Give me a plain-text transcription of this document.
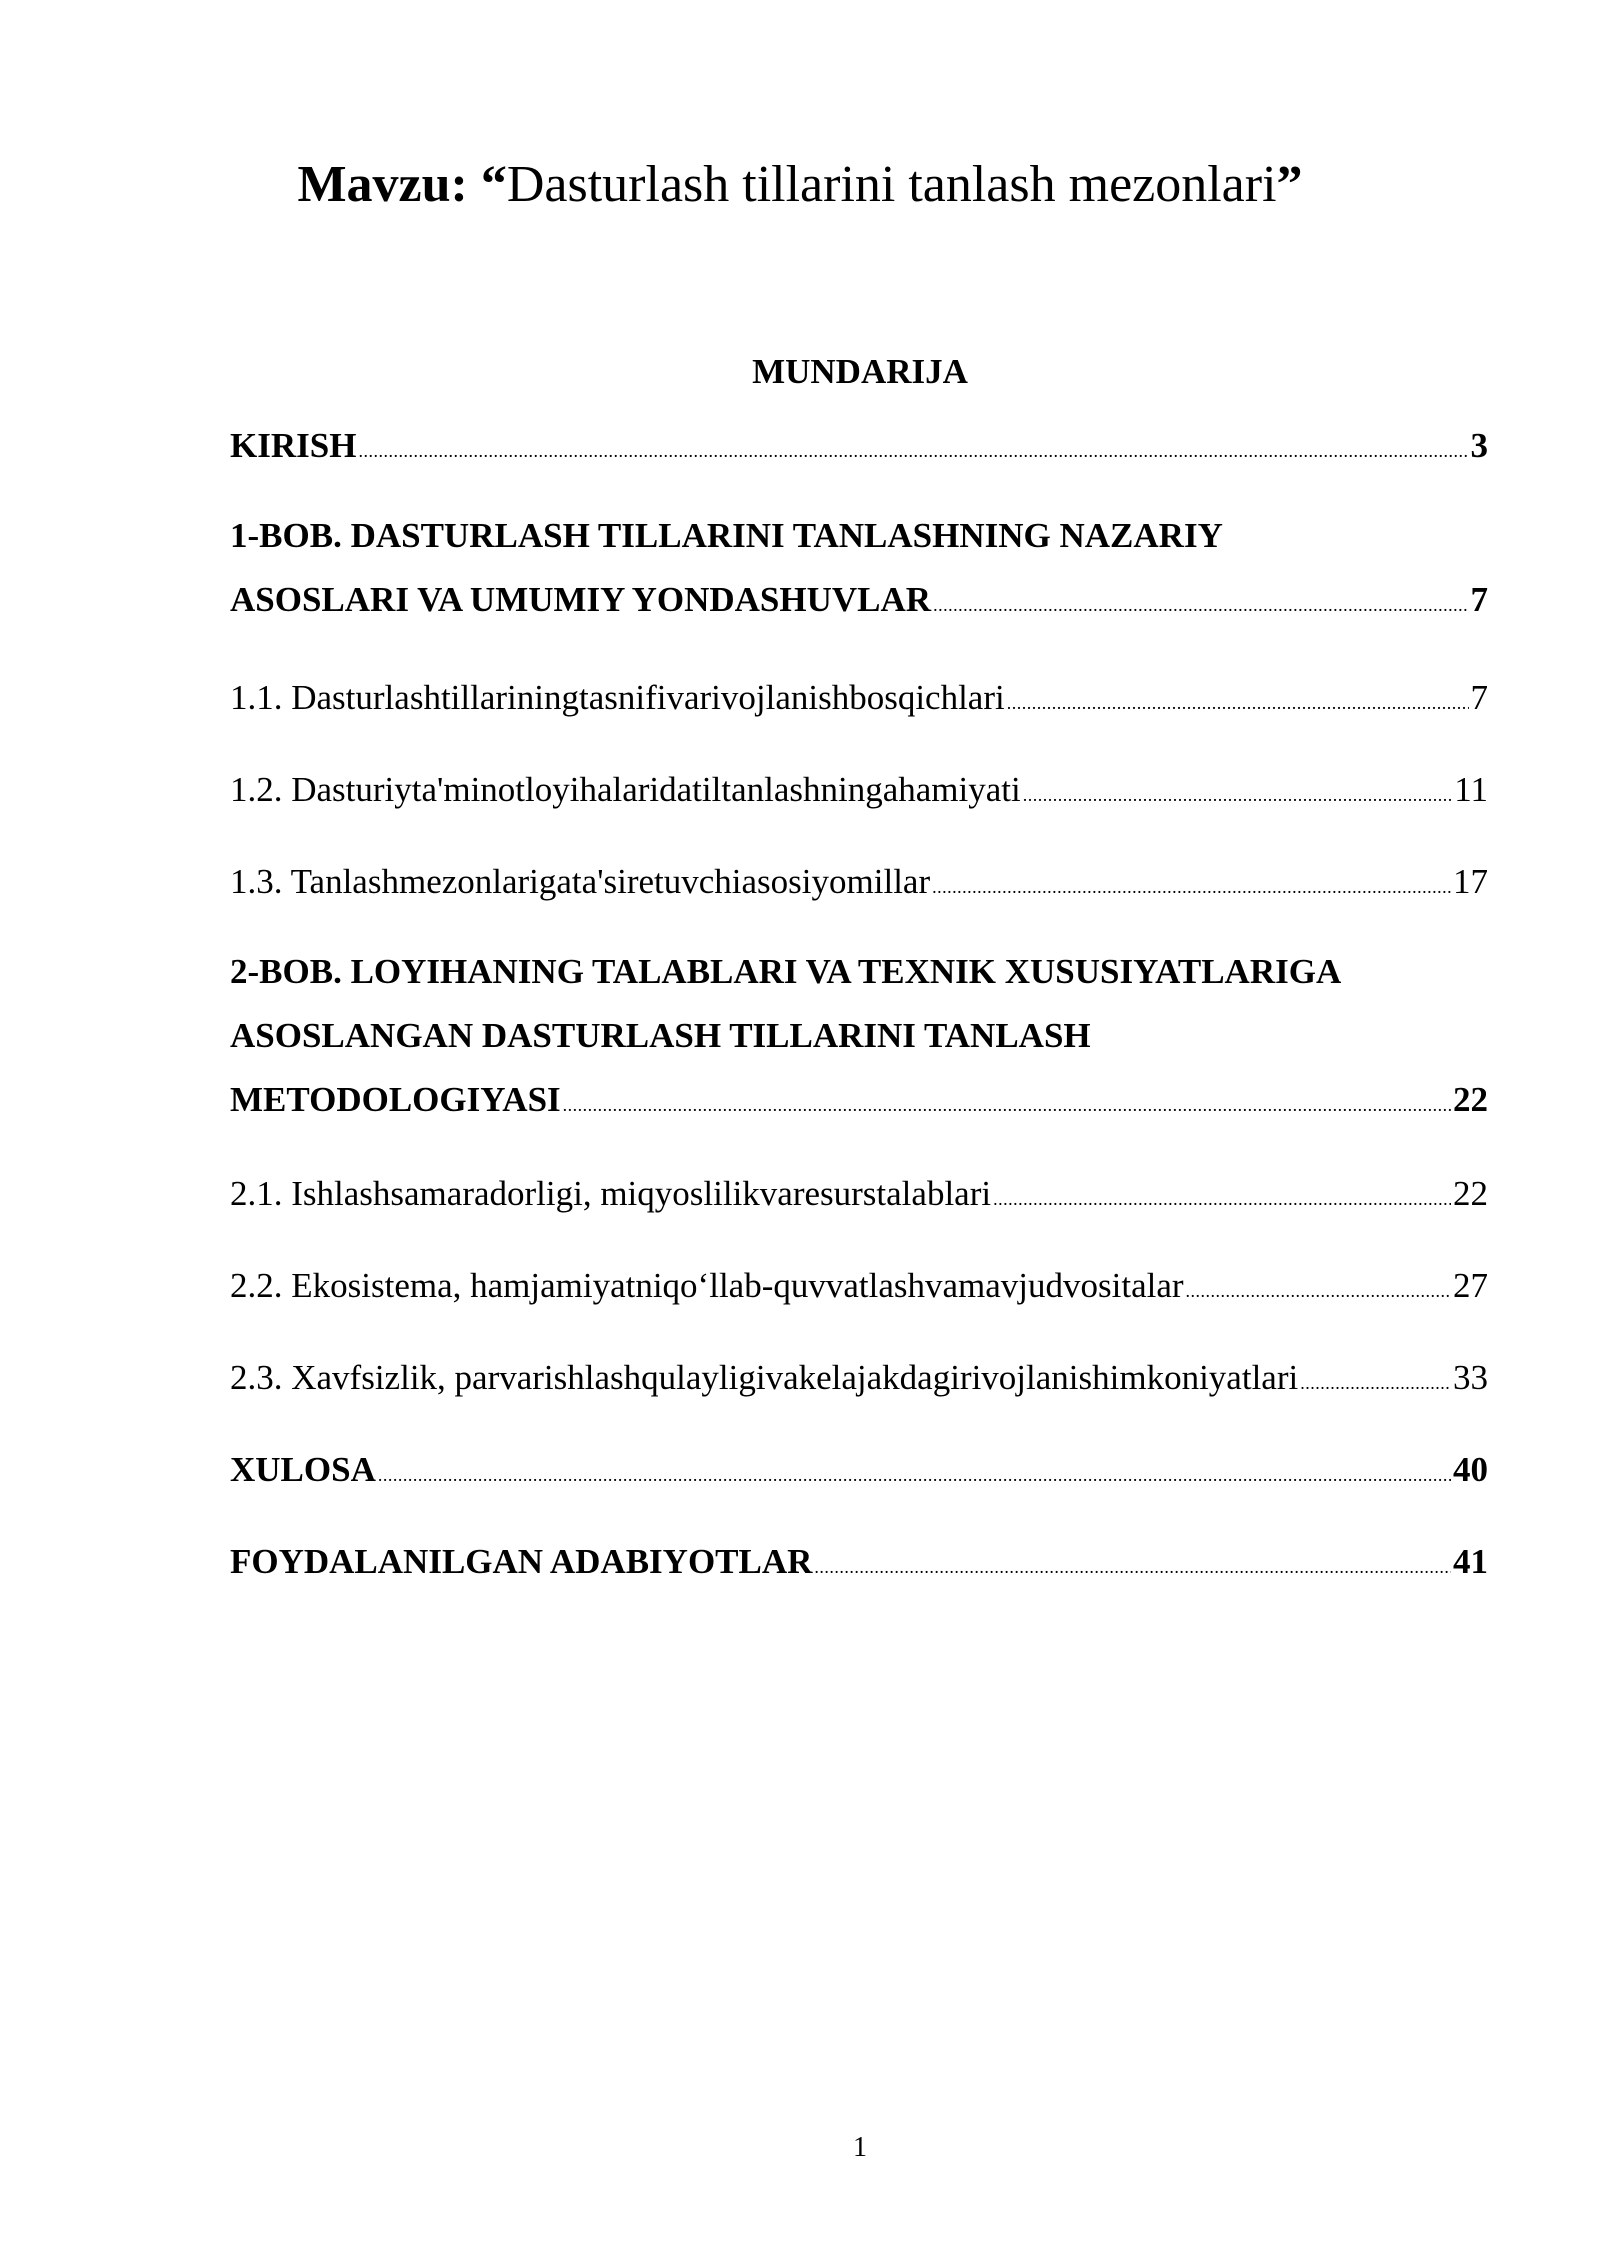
Mavzu: “Dasturlash tillarini tanlash mezonlari”
MUNDARIJA
KIRISH .....	3
1-BOB. DASTURLASH TILLARINI TANLASHNING NAZARIY
ASOSLARI VA UMUMIY YONDASHUVLAR .....	7
1.1. Dasturlashtillariningtasnifivarivojlanishbosqichlari .....	7
1.2. Dasturiyta'minotloyihalaridatiltanlashningahamiyati .....	11
1.3. Tanlashmezonlarigata'siretuvchiasosiyomillar .....	17
2-BOB. LOYIHANING TALABLARI VA TEXNIK XUSUSIYATLARIGA
ASOSLANGAN DASTURLASH TILLARINI TANLASH
METODOLOGIYASI .....	22
2.1. Ishlashsamaradorligi, miqyoslilikvaresurstalablari .....	22
2.2. Ekosistema, hamjamiyatniqo‘llab-quvvatlashvamavjudvositalar .....	27
2.3. Xavfsizlik, parvarishlashqulayligivakelajakdagirivojlanishimkoniyatlari .....	33
XULOSA .....	40
FOYDALANILGAN ADABIYOTLAR .....	41
1
